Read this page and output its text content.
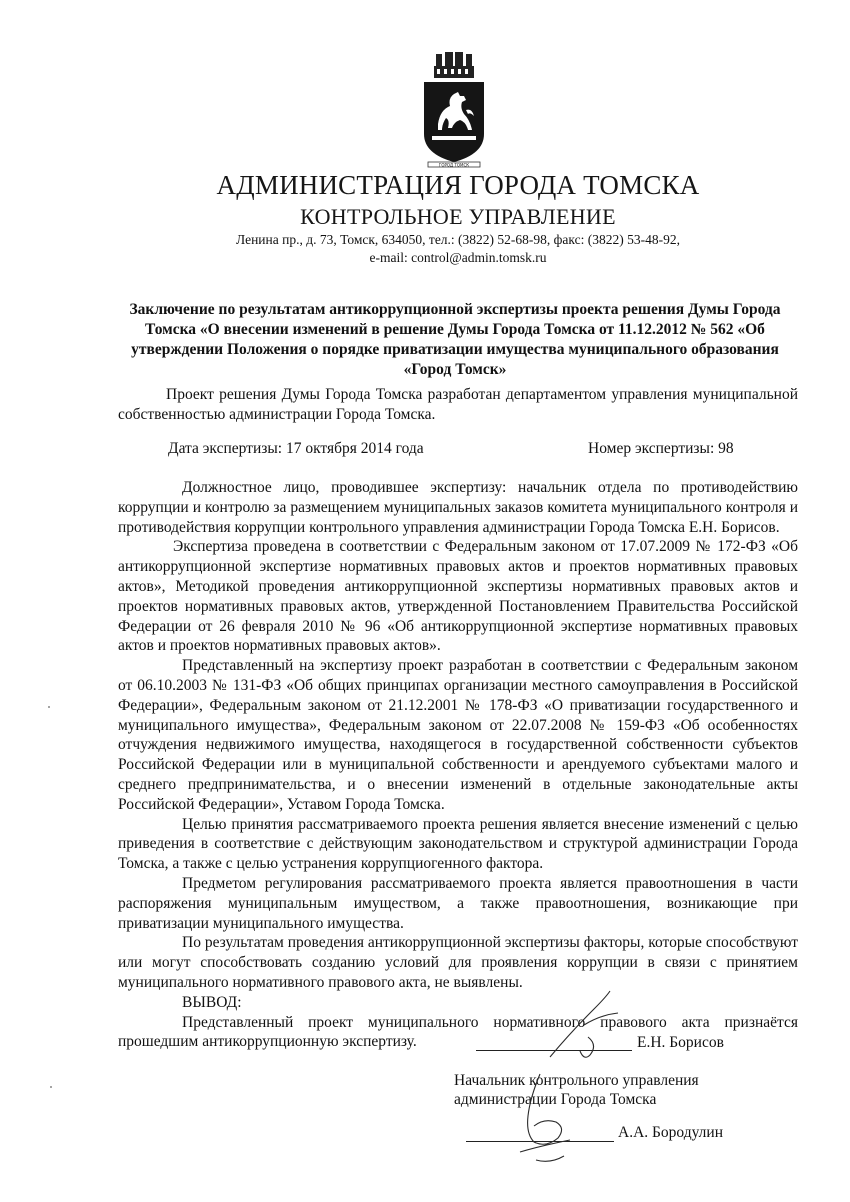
ГОРОД ТОМСК
АДМИНИСТРАЦИЯ ГОРОДА ТОМСКА
КОНТРОЛЬНОЕ УПРАВЛЕНИЕ
Ленина пр., д. 73, Томск, 634050, тел.: (3822) 52-68-98, факс: (3822) 53-48-92,
e-mail: control@admin.tomsk.ru
Заключение по результатам антикоррупционной экспертизы проекта решения Думы Города Томска «О внесении изменений в решение Думы Города Томска от 11.12.2012 № 562 «Об утверждении Положения о порядке приватизации имущества муниципального образования «Город Томск»
Проект решения Думы Города Томска разработан департаментом управления муниципальной собственностью администрации Города Томска.
Дата экспертизы: 17 октября 2014 года	Номер экспертизы: 98

Должностное лицо, проводившее экспертизу: начальник отдела по противодействию коррупции и контролю за размещением муниципальных заказов комитета муниципального контроля и противодействия коррупции контрольного управления администрации Города Томска Е.Н. Борисов.

Экспертиза проведена в соответствии с Федеральным законом от 17.07.2009 № 172-ФЗ «Об антикоррупционной экспертизе нормативных правовых актов и проектов нормативных правовых актов», Методикой проведения антикоррупционной экспертизы нормативных правовых актов и проектов нормативных правовых актов, утвержденной Постановлением Правительства Российской Федерации от 26 февраля 2010 № 96 «Об антикоррупционной экспертизе нормативных правовых актов и проектов нормативных правовых актов».

Представленный на экспертизу проект разработан в соответствии с Федеральным законом от 06.10.2003 № 131-ФЗ «Об общих принципах организации местного самоуправления в Российской Федерации», Федеральным законом от 21.12.2001 № 178-ФЗ «О приватизации государственного и муниципального имущества», Федеральным законом от 22.07.2008 № 159-ФЗ «Об особенностях отчуждения недвижимого имущества, находящегося в государственной собственности субъектов Российской Федерации или в муниципальной собственности и арендуемого субъектами малого и среднего предпринимательства, и о внесении изменений в отдельные законодательные акты Российской Федерации», Уставом Города Томска.

Целью принятия рассматриваемого проекта решения является внесение изменений с целью приведения в соответствие с действующим законодательством и структурой администрации Города Томска, а также с целью устранения коррупциогенного фактора.

Предметом регулирования рассматриваемого проекта является правоотношения в части распоряжения муниципальным имуществом, а также правоотношения, возникающие при приватизации муниципального имущества.

По результатам проведения антикоррупционной экспертизы факторы, которые способствуют или могут способствовать созданию условий для проявления коррупции в связи с принятием муниципального нормативного правового акта, не выявлены.

ВЫВОД:

Представленный проект муниципального нормативного правового акта признаётся прошедшим антикоррупционную экспертизу.	Е.Н. Борисов
Начальник контрольного управления
администрации Города Томска
А.А. Бородулин
